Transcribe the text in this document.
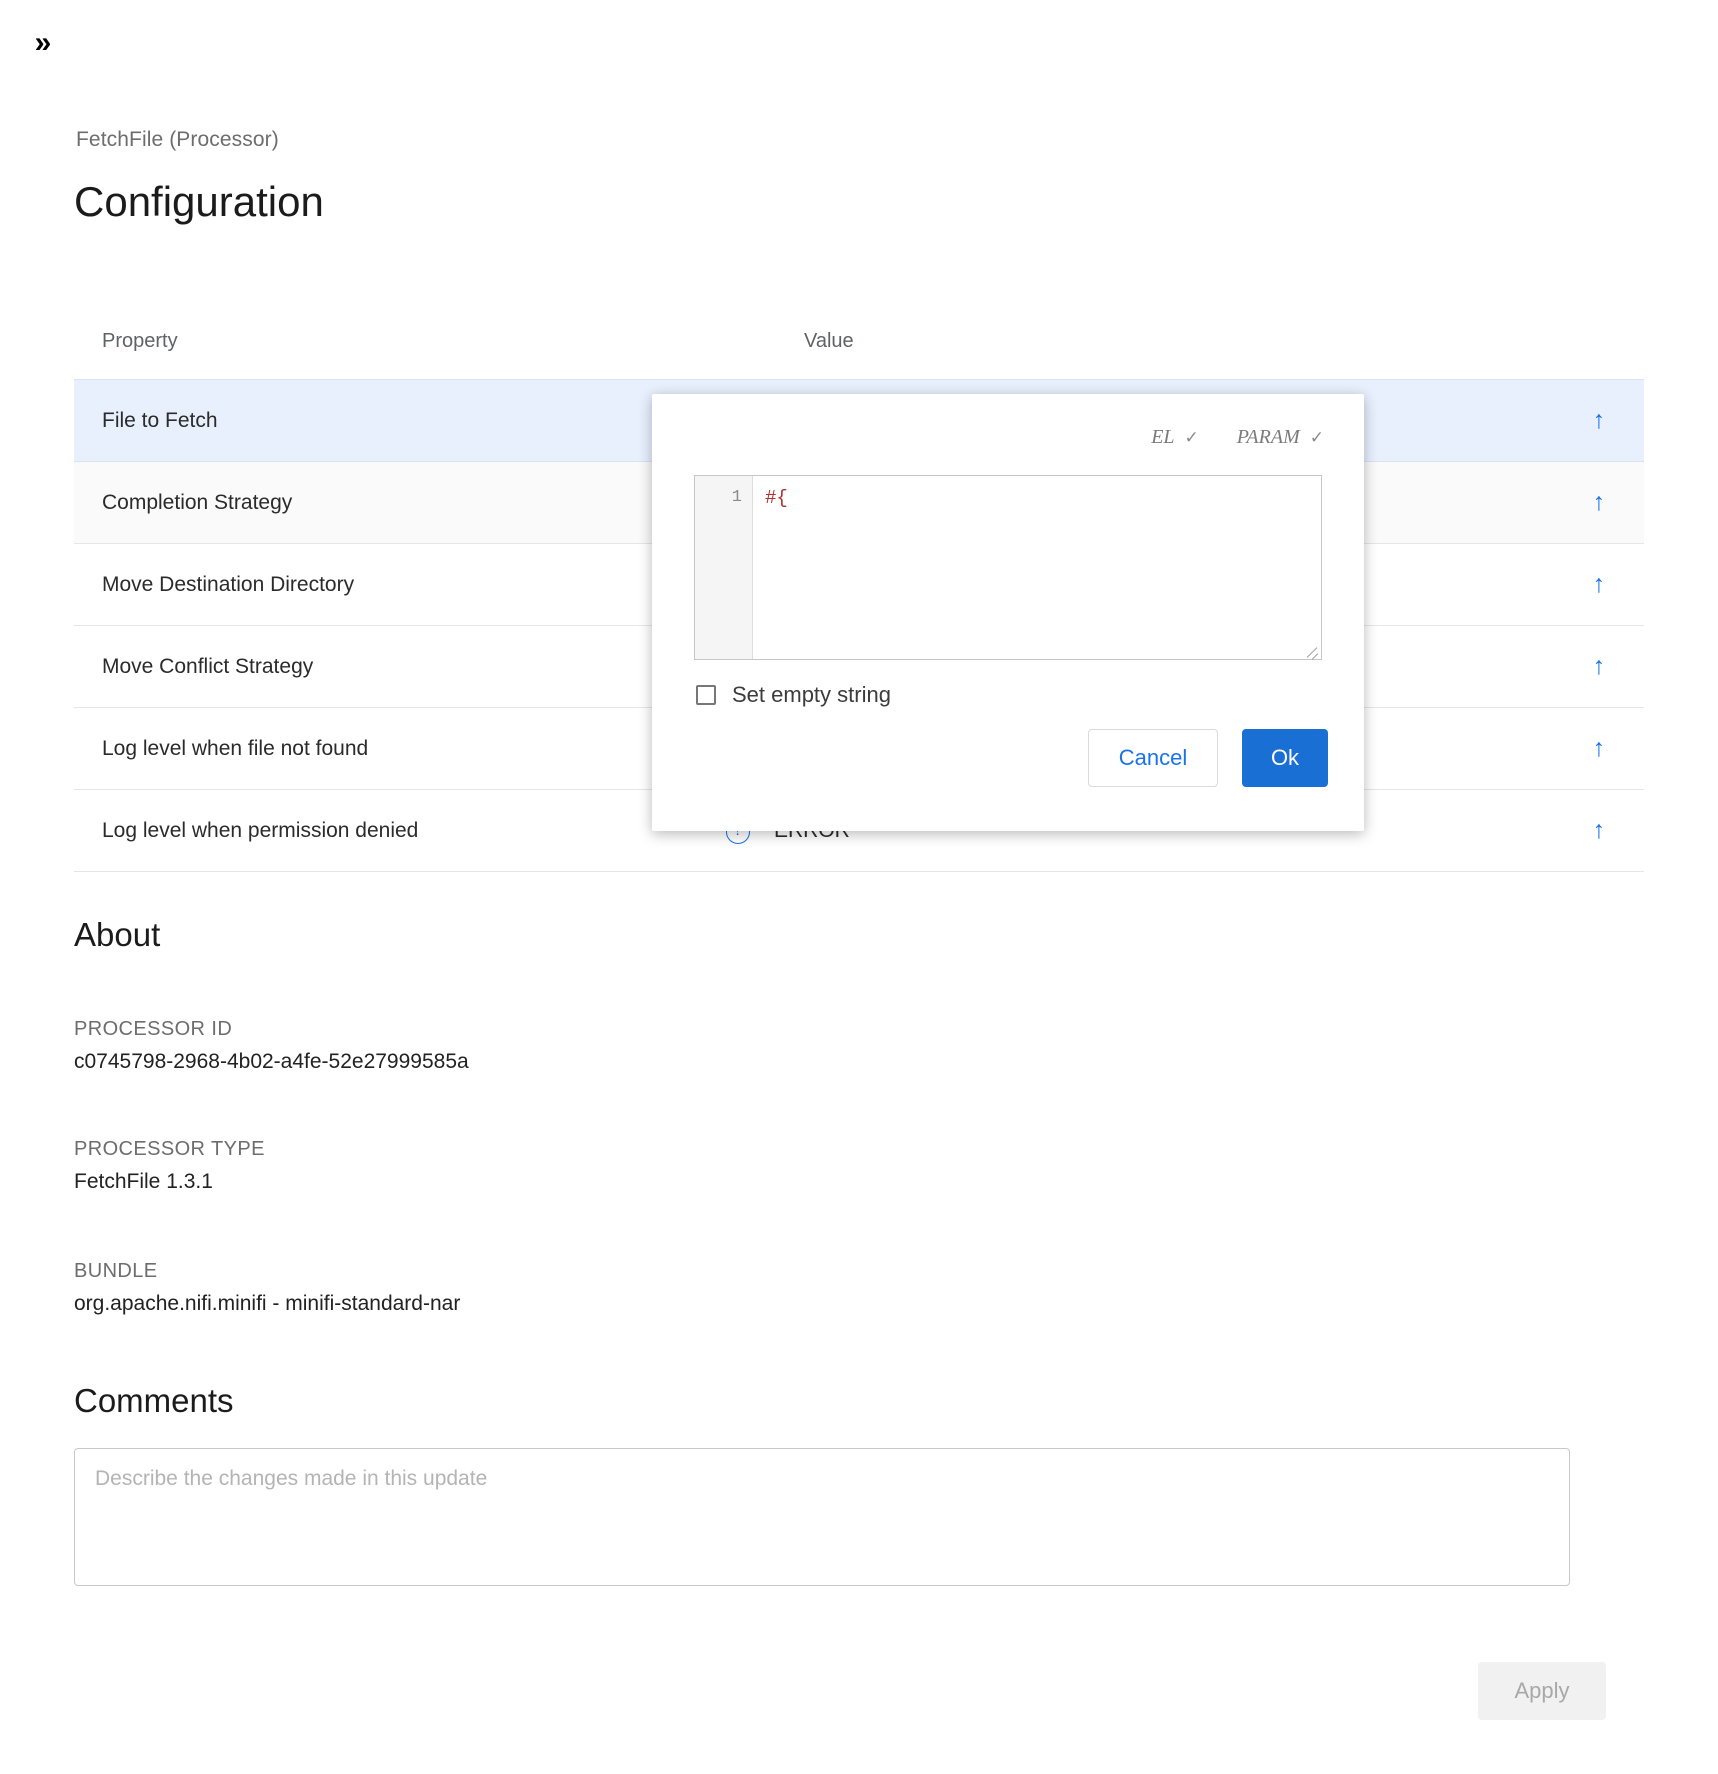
»
FetchFile (Processor)
Configuration
Property		Value	
File to Fetch			↑
Completion Strategy			↑
Move Destination Directory			↑
Move Conflict Strategy			↑
Log level when file not found			↑
Log level when permission denied			↑
About
PROCESSOR ID
c0745798-2968-4b02-a4fe-52e27999585a
PROCESSOR TYPE
FetchFile 1.3.1
BUNDLE
org.apache.nifi.minifi - minifi-standard-nar
Comments
Describe the changes made in this update
Apply
EL ✓ PARAM ✓
1	#{
Set empty string
Cancel	Ok
